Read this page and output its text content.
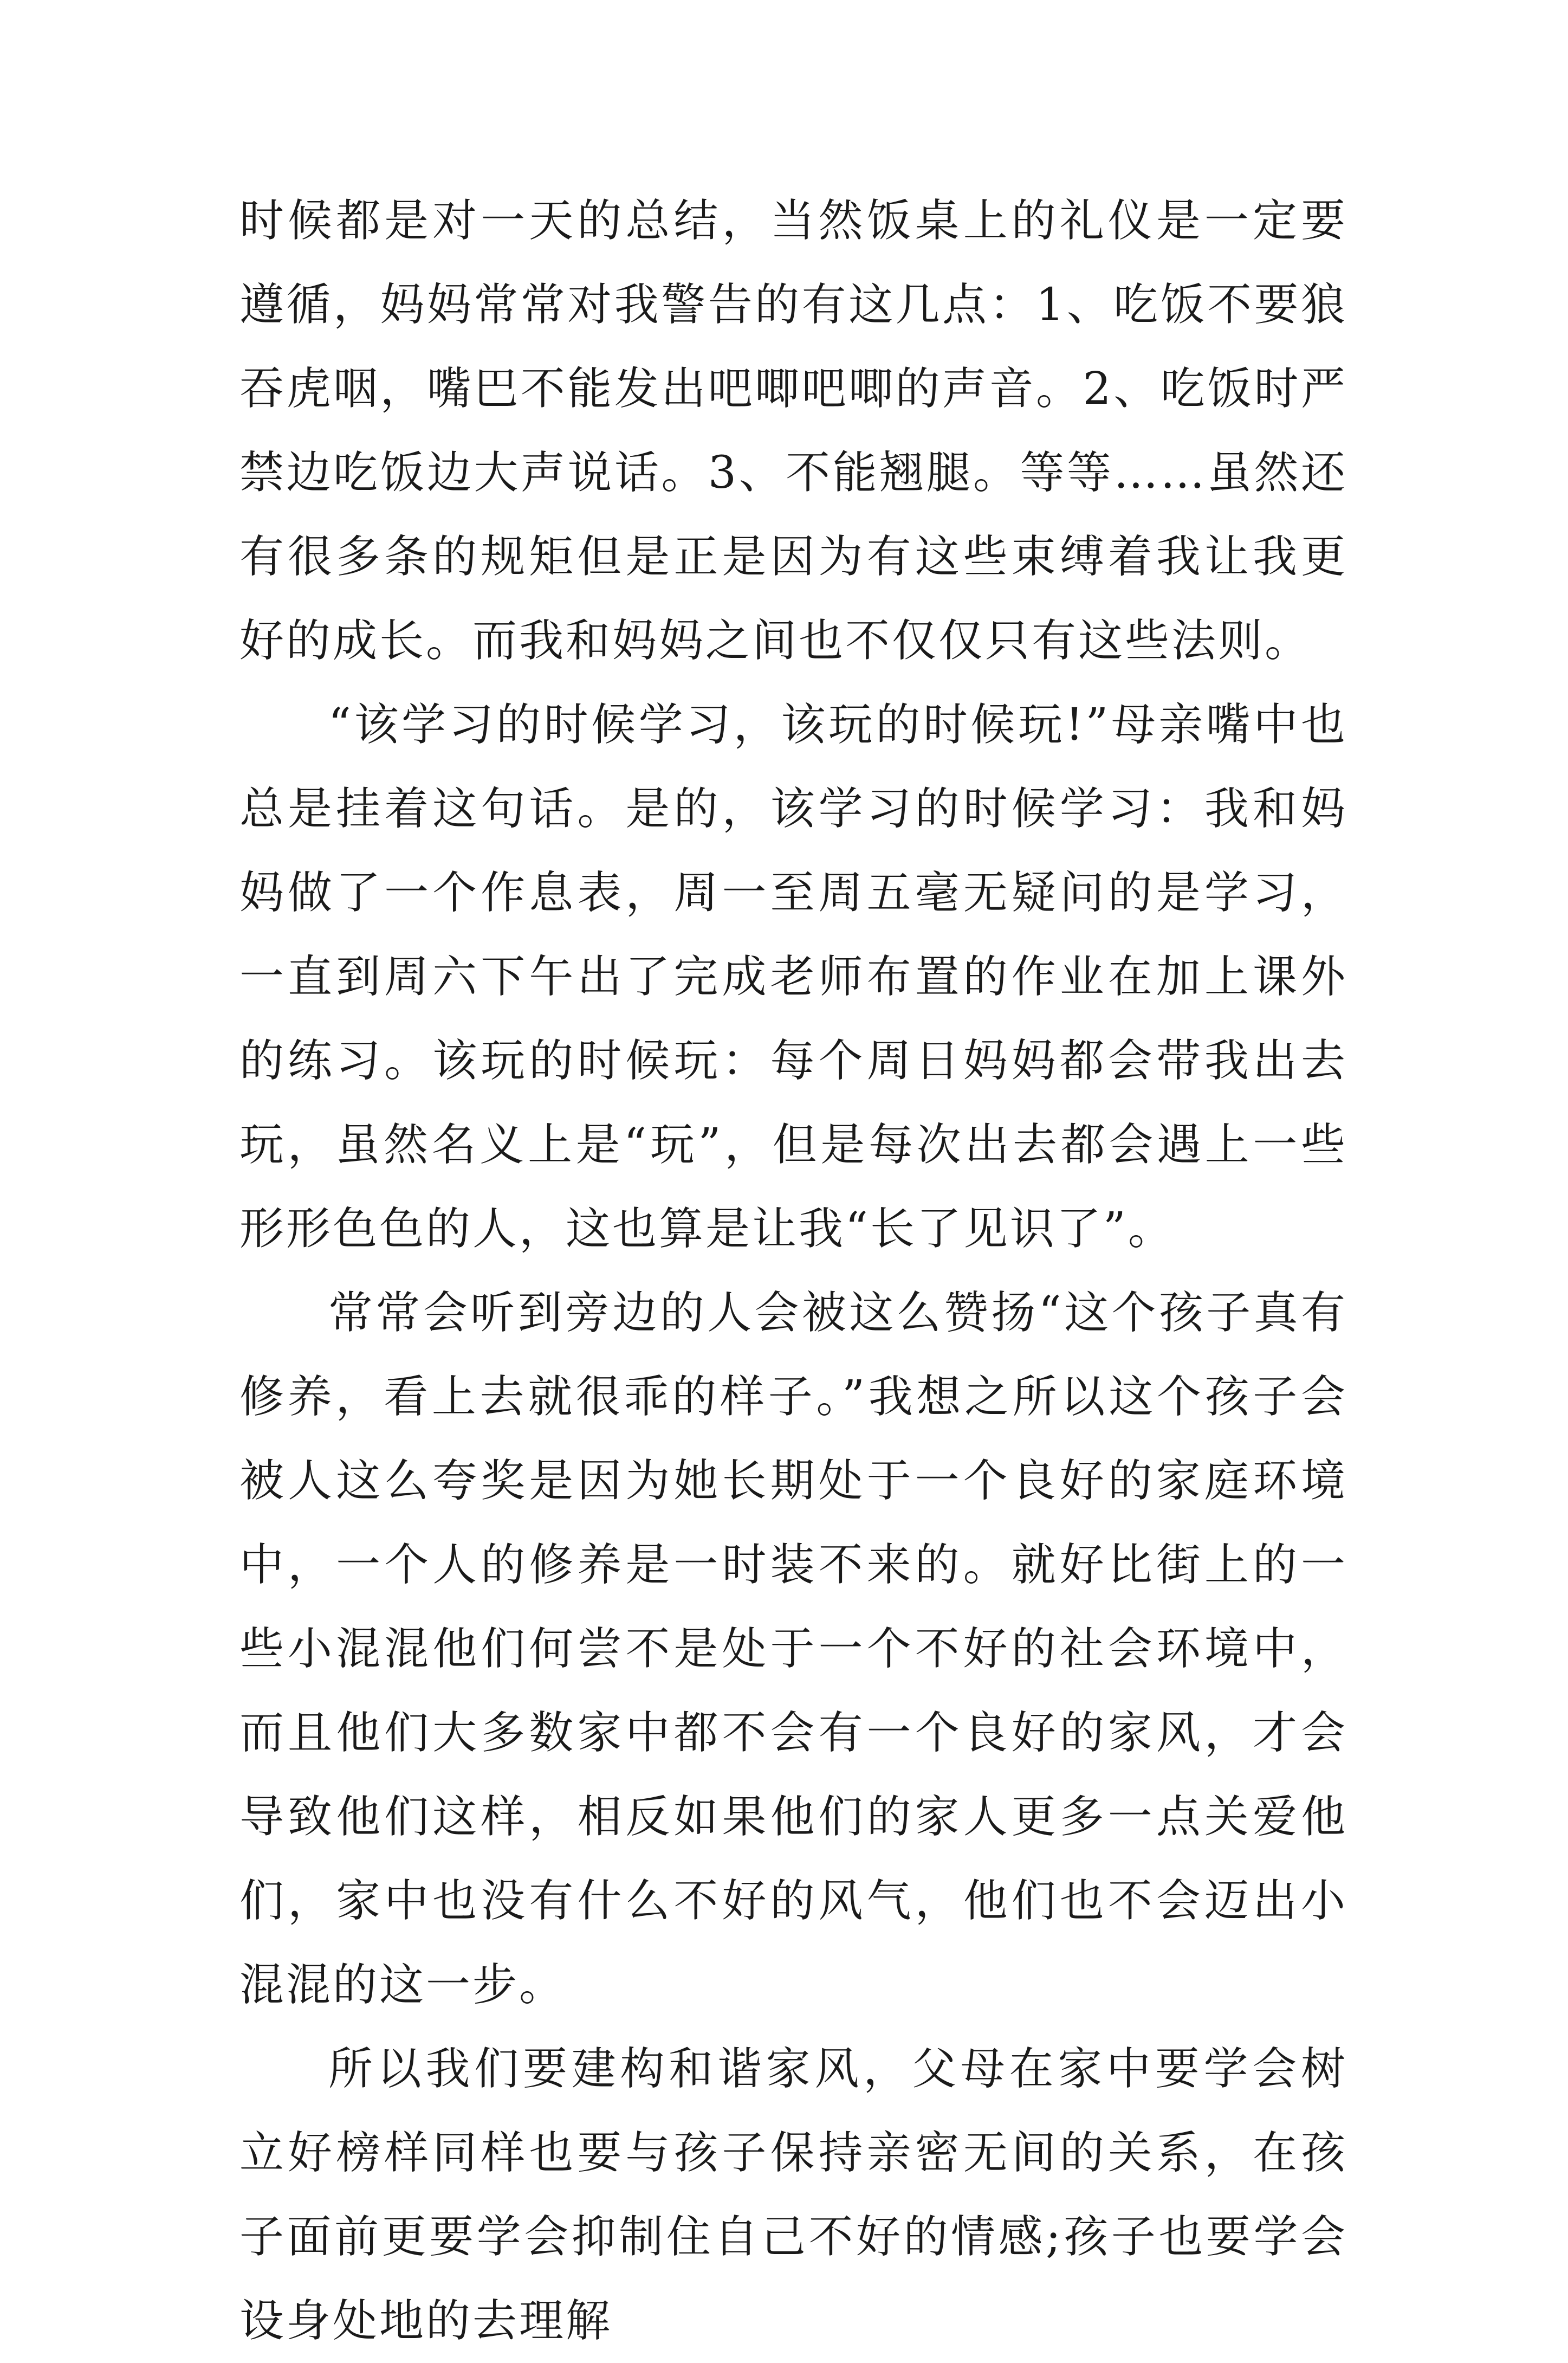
时候都是对一天的总结，当然饭桌上的礼仪是一定要遵循，妈妈常常对我警告的有这几点：1、吃饭不要狼吞虎咽，嘴巴不能发出吧唧吧唧的声音。2、吃饭时严禁边吃饭边大声说话。3、不能翘腿。等等……虽然还有很多条的规矩但是正是因为有这些束缚着我让我更好的成长。而我和妈妈之间也不仅仅只有这些法则。

“该学习的时候学习，该玩的时候玩!”母亲嘴中也总是挂着这句话。是的，该学习的时候学习：我和妈妈做了一个作息表，周一至周五毫无疑问的是学习，一直到周六下午出了完成老师布置的作业在加上课外的练习。该玩的时候玩：每个周日妈妈都会带我出去玩，虽然名义上是“玩”，但是每次出去都会遇上一些形形色色的人，这也算是让我“长了见识了”。

常常会听到旁边的人会被这么赞扬“这个孩子真有修养，看上去就很乖的样子。”我想之所以这个孩子会被人这么夸奖是因为她长期处于一个良好的家庭环境中，一个人的修养是一时装不来的。就好比街上的一些小混混他们何尝不是处于一个不好的社会环境中，而且他们大多数家中都不会有一个良好的家风，才会导致他们这样，相反如果他们的家人更多一点关爱他们，家中也没有什么不好的风气，他们也不会迈出小混混的这一步。

所以我们要建构和谐家风，父母在家中要学会树立好榜样同样也要与孩子保持亲密无间的关系，在孩子面前更要学会抑制住自己不好的情感;孩子也要学会设身处地的去理解
